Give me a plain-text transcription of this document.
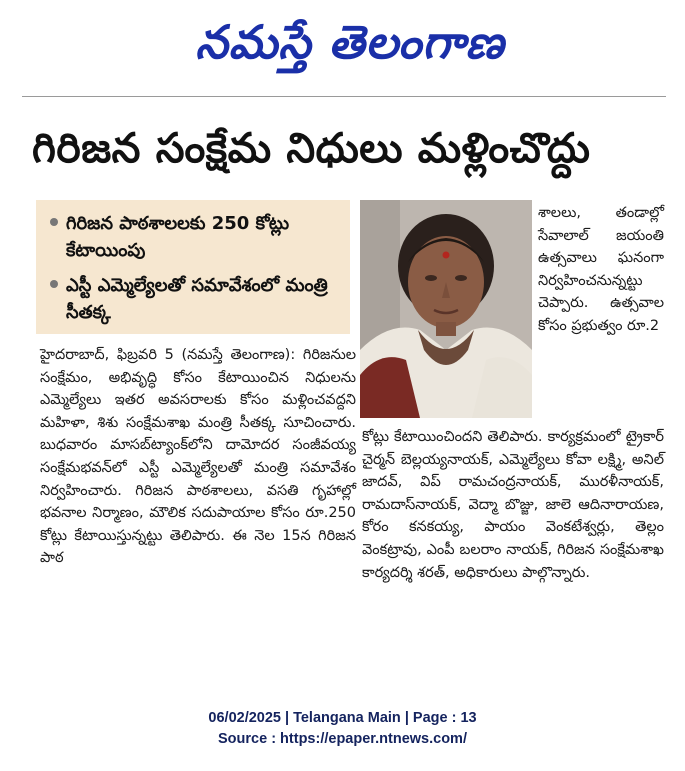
నమస్తే తెలంగాణ
గిరిజన సంక్షేమ నిధులు మళ్లించొద్దు
గిరిజన పాఠశాలలకు 250 కోట్లు కేటాయింపు
ఎస్టీ ఎమ్మెల్యేలతో సమావేశంలో మంత్రి సీతక్క
శాలలు, తండాల్లో సేవాలాల్ జయంతి ఉత్సవాలు ఘనంగా నిర్వహించనున్నట్టు చెప్పారు. ఉత్సవాల కోసం ప్రభుత్వం రూ.2
హైదరాబాద్, ఫిబ్రవరి 5 (నమస్తే తెలంగాణ): గిరిజనుల సంక్షేమం, అభివృద్ధి కోసం కేటాయించిన నిధులను ఎమ్మెల్యేలు ఇతర అవసరాలకు కోసం మళ్లించవద్దని మహిళా, శిశు సంక్షేమశాఖ మంత్రి సీతక్క సూచించారు. బుధవారం మాసబ్‌ట్యాంక్‌లోని దామోదర సంజీవయ్య సంక్షేమభవన్‌లో ఎస్టీ ఎమ్మెల్యేలతో మంత్రి సమావేశం నిర్వహించారు. గిరిజన పాఠశాలలు, వసతి గృహాల్లో భవనాల నిర్మాణం, మౌలిక సదుపాయాల కోసం రూ.250 కోట్లు కేటాయిస్తున్నట్టు తెలిపారు. ఈ నెల 15న గిరిజన పాఠ
కోట్లు కేటాయించిందని తెలిపారు. కార్యక్రమంలో ట్రైకార్ చైర్మన్ బెల్లయ్యనాయక్, ఎమ్మెల్యేలు కోవా లక్ష్మి, అనిల్ జాదవ్, విప్ రామచంద్రనాయక్, మురళీనాయక్, రామదాస్‌నాయక్, వెద్మా బొజ్జు, జాలె ఆదినారాయణ, కోరం కనకయ్య, పాయం వెంకటేశ్వర్లు, తెల్లం వెంకట్రావు, ఎంపీ బలరాం నాయక్, గిరిజన సంక్షేమశాఖ కార్యదర్శి శరత్, అధికారులు పాల్గొన్నారు.
06/02/2025 | Telangana Main | Page : 13
Source : https://epaper.ntnews.com/
